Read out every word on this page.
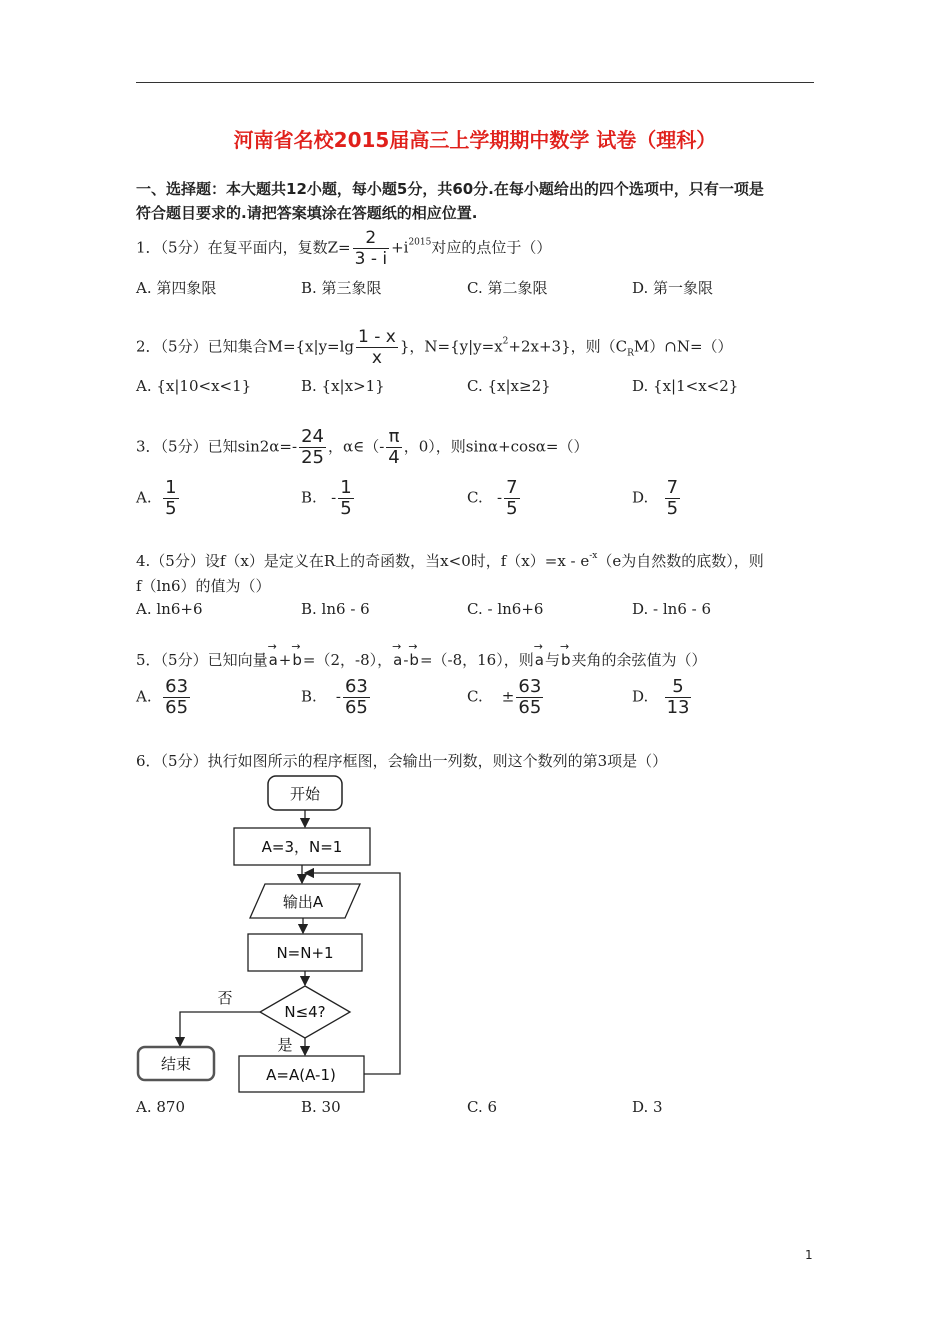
河南省名校2015届高三上学期期中数学 试卷（理科）
一、选择题：本大题共12小题，每小题5分，共60分.在每小题给出的四个选项中，只有一项是
符合题目要求的.请把答案填涂在答题纸的相应位置.
1．（5分）在复平面内，复数$Z= \frac{2}{3 - i} +i^{2015}$对应的点位于（）
A. 第四象限	B. 第三象限	C. 第二象限	D. 第一象限
2．（5分）已知集合$M=\{x|y=\lg \frac{1 - x}{x}$ }，$N=\{y|y=x^2+2x+3\}$，则$(C_RM)\cap N=()$
A. {x|10<x<1}	B. {x|x>1}	C. {x|x≥2}	D. {x|1<x<2}
3．（5分）已知$\sin 2\alpha=- \frac{24}{25}$ ，α∈（- $\frac{\pi}{4}$ ，0），则sinα+cosα=（）
A. $\frac{1}{5}$	B. - $\frac{1}{5}$	C. - $\frac{7}{5}$	D. $\frac{7}{5}$
4.（5分）设f（x）是定义在R上的奇函数，当x<0时，$f(x)=x - e^{-x}(e$为自然数的底数），则
f（ln6）的值为（）
A. ln6+6	B. ln6 - 6	C. - ln6+6	D. - ln6 - 6
5．（5分）已知向量→ a+→ b=（2，-8），→ a-→ b=（-8，16），则→ a与→ b夹角的余弦值为（）
A. $\frac{63}{65}$	B. - $\frac{63}{65}$	C. ± $\frac{63}{65}$	D. $\frac{5}{13}$
6．（5分）执行如图所示的程序框图，会输出一列数，则这个数列的第3项是（）
开始
A=3，N=1
输出A
N=N+1
N≤4?
否
结束
是
A=A(A-1)
A. 870	B. 30	C. 6	D. 3
1
